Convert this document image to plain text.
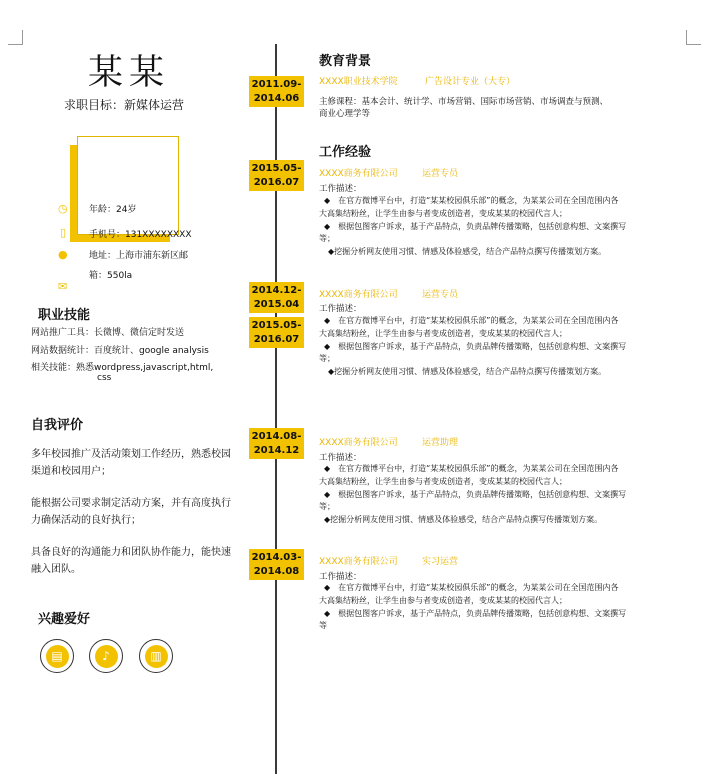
某某
求职目标：新媒体运营
◷ 年龄：24岁
▯	手机号：131XXXXXXXX
● 地址：上海市浦东新区邮
箱：550la
✉
职业技能
网站推广工具：长微博、微信定时发送
网站数据统计：百度统计、google analysis
相关技能：熟悉wordpress,javascript,html,
css
自我评价
多年校园推广及活动策划工作经历，熟悉校园渠道和校园用户；
能根据公司要求制定活动方案，并有高度执行力确保活动的良好执行；
具备良好的沟通能力和团队协作能力，能快速融入团队。
兴趣爱好
▤	♪	▥
教育背景
2011.09-
2014.06
XXXX职业技术学院	广告设计专业（大专）
主修课程：基本会计、统计学、市场营销、国际市场营销、市场调查与预测、
商业心理学等
工作经验
2015.05-
2016.07
XXXX商务有限公司	运营专员
工作描述：
◆　在官方微博平台中，打造“某某校园俱乐部”的概念，为某某公司在全国范围内各
大高集结粉丝，让学生由参与者变成创造者，变成某某的校园代言人；
◆　根据包图客户诉求，基于产品特点，负责品牌传播策略，包括创意构想、文案撰写
等；
◆挖掘分析网友使用习惯、情感及体验感受，结合产品特点撰写传播策划方案。
2014.12-
2015.04
XXXX商务有限公司	运营专员
工作描述：
◆　在官方微博平台中，打造“某某校园俱乐部”的概念，为某某公司在全国范围内各
大高集结粉丝，让学生由参与者变成创造者，变成某某的校园代言人；
◆　根据包图客户诉求，基于产品特点，负责品牌传播策略，包括创意构想、文案撰写
等；
◆挖掘分析网友使用习惯、情感及体验感受，结合产品特点撰写传播策划方案。
2015.05-
2016.07
2014.08-
2014.12
XXXX商务有限公司	运营助理
工作描述：
◆　在官方微博平台中，打造“某某校园俱乐部”的概念，为某某公司在全国范围内各
大高集结粉丝，让学生由参与者变成创造者，变成某某的校园代言人；
◆　根据包图客户诉求，基于产品特点，负责品牌传播策略，包括创意构想、文案撰写
等；
◆挖掘分析网友使用习惯、情感及体验感受，结合产品特点撰写传播策划方案。
2014.03-
2014.08
XXXX商务有限公司	实习运营
工作描述：
◆　在官方微博平台中，打造“某某校园俱乐部”的概念，为某某公司在全国范围内各
大高集结粉丝，让学生由参与者变成创造者，变成某某的校园代言人；
◆　根据包图客户诉求，基于产品特点，负责品牌传播策略，包括创意构想、文案撰写
等
